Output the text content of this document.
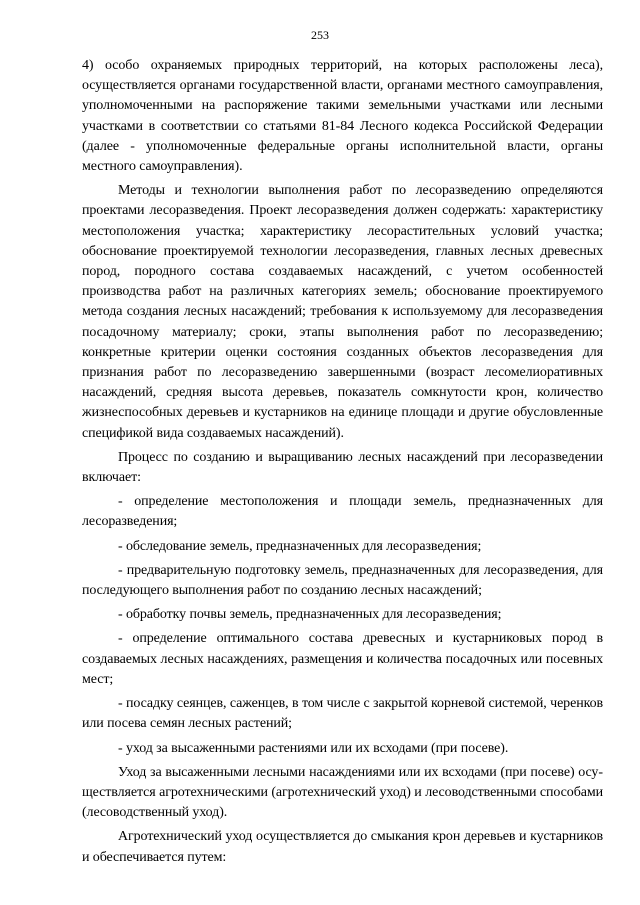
253

4) особо охраняемых природных территорий, на которых расположены леса), осуществляется органами государственной власти, органами местного самоуправления, уполномоченными на распоряжение такими земельными участками или лесными участками в соответствии со статьями 81-84 Лесного кодекса Российской Федерации (далее - уполномоченные федеральные органы исполнительной власти, органы местного самоуправления).

Методы и технологии выполнения работ по лесоразведению определяются проектами лесоразведения. Проект лесоразведения должен содержать: характеристику местоположения участка; характеристику лесорастительных условий участка; обоснование проектируемой технологии лесоразведения, главных лесных древесных пород, породного состава создаваемых насаждений, с учетом особенностей производства работ на различных категориях земель; обоснование проектируемого метода создания лесных насаждений; требования к используемому для лесоразведения посадочному материалу; сроки, этапы выполнения работ по лесоразведению; конкретные критерии оценки состояния созданных объектов лесоразведения для признания работ по лесоразведению завершенными (возраст лесомелиоративных насаждений, средняя высота деревьев, показатель сомкнутости крон, количество жизнеспособных деревьев и кустарников на единице площади и другие обусловленные спецификой вида создаваемых насаждений).

Процесс по созданию и выращиванию лесных насаждений при лесоразведении включает:

- определение местоположения и площади земель, предназначенных для лесоразведения;

- обследование земель, предназначенных для лесоразведения;

- предварительную подготовку земель, предназначенных для лесоразведения, для последующего выполнения работ по созданию лесных насаждений;

- обработку почвы земель, предназначенных для лесоразведения;

- определение оптимального состава древесных и кустарниковых пород в создаваемых лесных насаждениях, размещения и количества посадочных или посевных мест;

- посадку сеянцев, саженцев, в том числе с закрытой корневой системой, черенков или посева семян лесных растений;

- уход за высаженными растениями или их всходами (при посеве).

Уход за высаженными лесными насаждениями или их всходами (при посеве) осуществляется агротехническими (агротехнический уход) и лесоводственными способами (лесоводственный уход).

Агротехнический уход осуществляется до смыкания крон деревьев и кустарников и обеспечивается путем:
